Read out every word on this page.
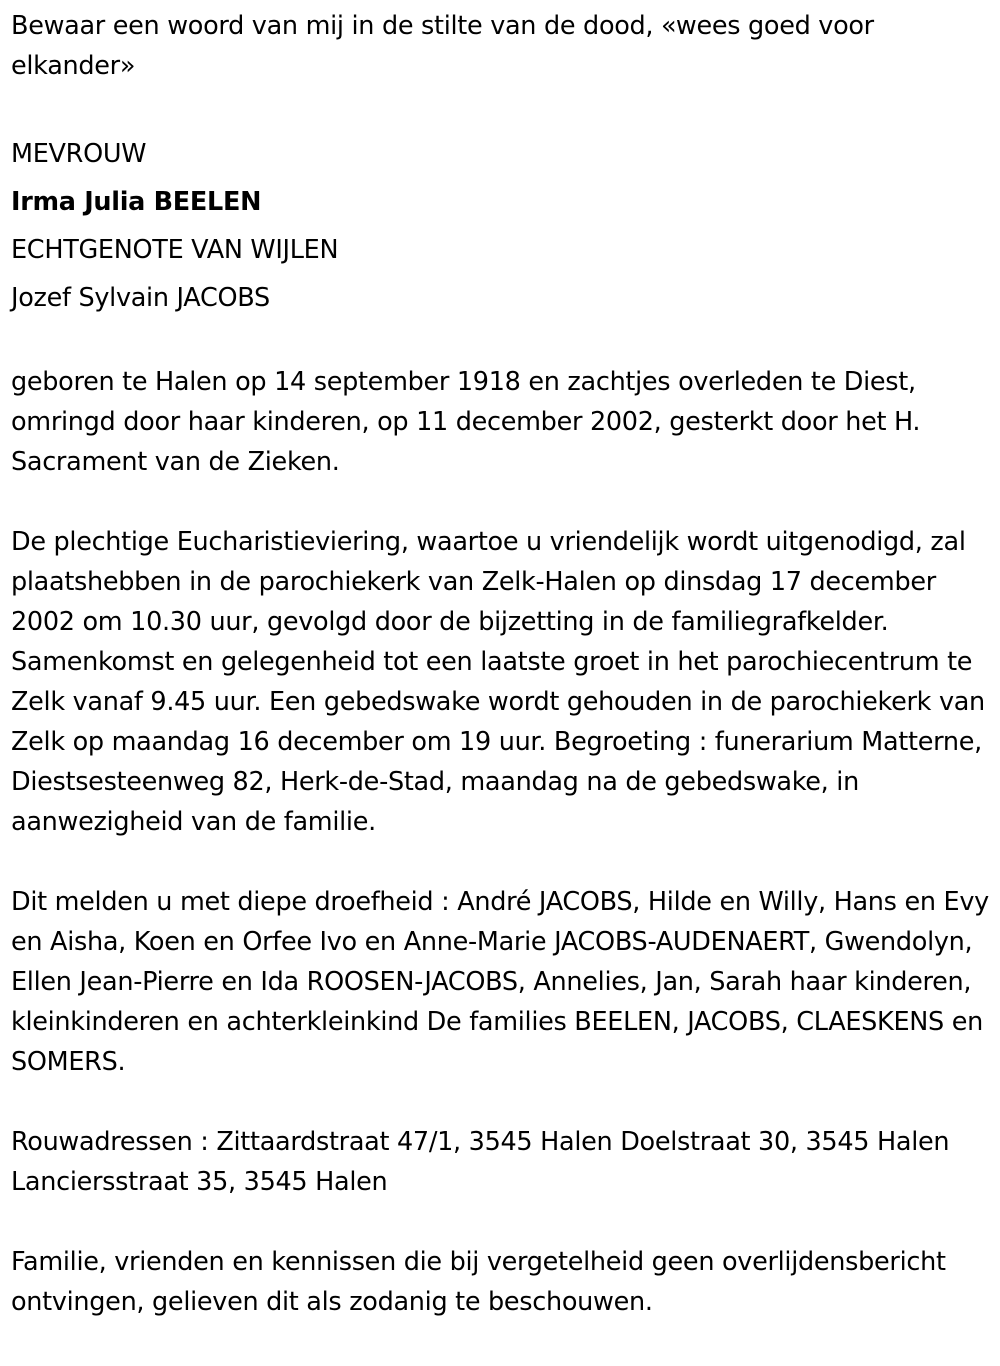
Bewaar een woord van mij in de stilte van de dood, «wees goed voor elkander»

MEVROUW

Irma Julia BEELEN

ECHTGENOTE VAN WIJLEN

Jozef Sylvain JACOBS

geboren te Halen op 14 september 1918 en zachtjes overleden te Diest, omringd door haar kinderen, op 11 december 2002, gesterkt door het H. Sacrament van de Zieken.

De plechtige Eucharistieviering, waartoe u vriendelijk wordt uitgenodigd, zal plaatshebben in de parochiekerk van Zelk-Halen op dinsdag 17 december 2002 om 10.30 uur, gevolgd door de bijzetting in de familiegrafkelder. Samenkomst en gelegenheid tot een laatste groet in het parochiecentrum te Zelk vanaf 9.45 uur. Een gebedswake wordt gehouden in de parochiekerk van Zelk op maandag 16 december om 19 uur. Begroeting : funerarium Matterne, Diestsesteenweg 82, Herk-de-Stad, maandag na de gebedswake, in aanwezigheid van de familie.

Dit melden u met diepe droefheid : André JACOBS, Hilde en Willy, Hans en Evy en Aisha, Koen en Orfee Ivo en Anne-Marie JACOBS-AUDENAERT, Gwendolyn, Ellen Jean-Pierre en Ida ROOSEN-JACOBS, Annelies, Jan, Sarah haar kinderen, kleinkinderen en achterkleinkind De families BEELEN, JACOBS, CLAESKENS en SOMERS.

Rouwadressen : Zittaardstraat 47/1, 3545 Halen Doelstraat 30, 3545 Halen Lanciersstraat 35, 3545 Halen

Familie, vrienden en kennissen die bij vergetelheid geen overlijdensbericht ontvingen, gelieven dit als zodanig te beschouwen.
